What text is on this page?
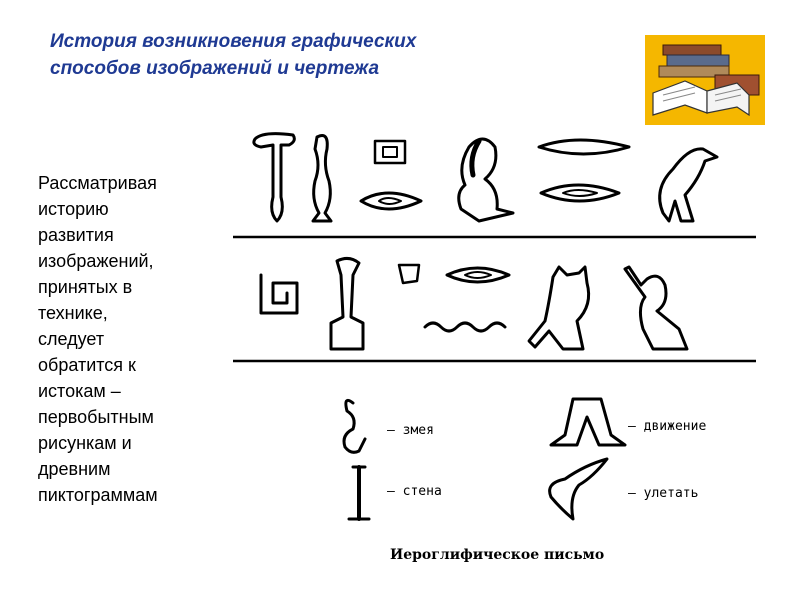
История возникновения графических
способов изображений и чертежа
Рассматривая
историю
развития
изображений,
принятых в
технике,
следует
обратится к
истокам –
первобытным
рисункам и
древним
пиктограммам
— змея	— движение
— стена	— улетать
Иероглифическое письмо
